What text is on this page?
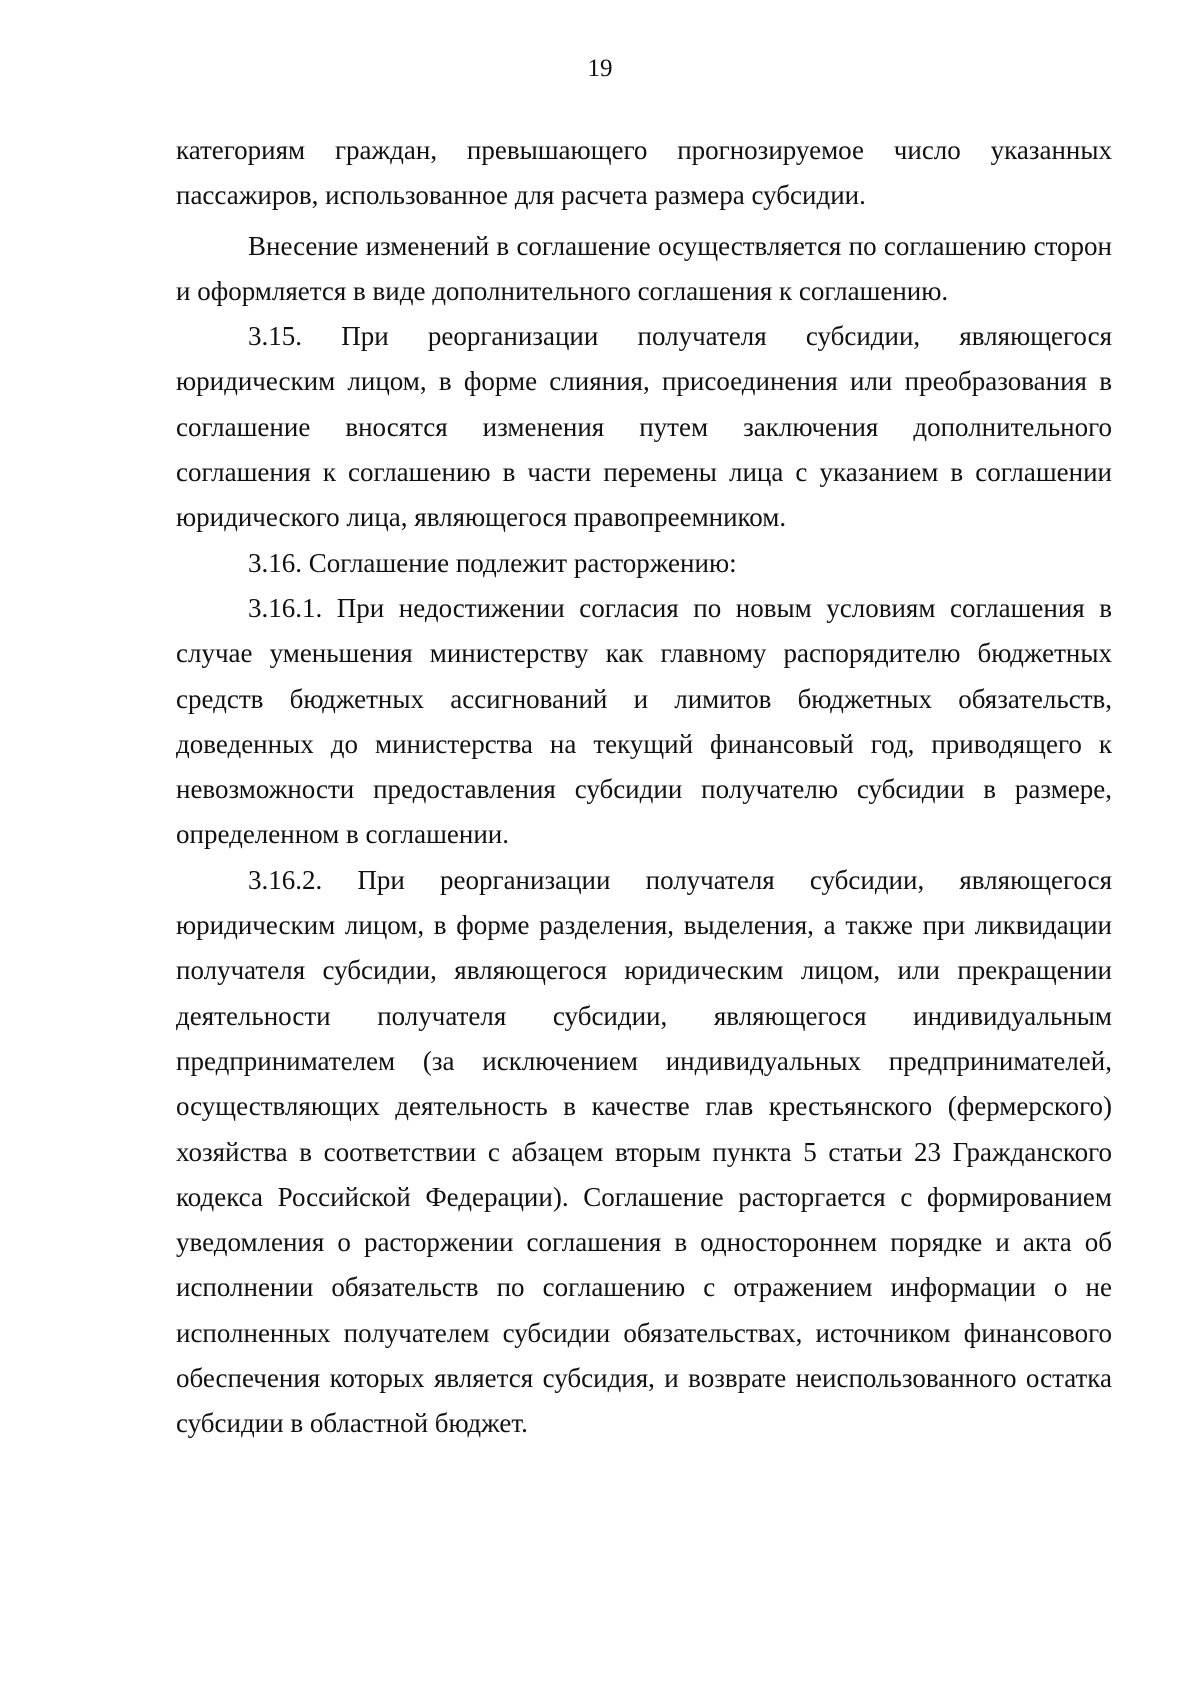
19

категориям граждан, превышающего прогнозируемое число указанных пассажиров, использованное для расчета размера субсидии.

Внесение изменений в соглашение осуществляется по соглашению сторон и оформляется в виде дополнительного соглашения к соглашению.

3.15. При реорганизации получателя субсидии, являющегося юридическим лицом, в форме слияния, присоединения или преобразования в соглашение вносятся изменения путем заключения дополнительного соглашения к соглашению в части перемены лица с указанием в соглашении юридического лица, являющегося правопреемником.

3.16. Соглашение подлежит расторжению:

3.16.1. При недостижении согласия по новым условиям соглашения в случае уменьшения министерству как главному распорядителю бюджетных средств бюджетных ассигнований и лимитов бюджетных обязательств, доведенных до министерства на текущий финансовый год, приводящего к невозможности предоставления субсидии получателю субсидии в размере, определенном в соглашении.

3.16.2. При реорганизации получателя субсидии, являющегося юридическим лицом, в форме разделения, выделения, а также при ликвидации получателя субсидии, являющегося юридическим лицом, или прекращении деятельности получателя субсидии, являющегося индивидуальным предпринимателем (за исключением индивидуальных предпринимателей, осуществляющих деятельность в качестве глав крестьянского (фермерского) хозяйства в соответствии с абзацем вторым пункта 5 статьи 23 Гражданского кодекса Российской Федерации). Соглашение расторгается с формированием уведомления о расторжении соглашения в одностороннем порядке и акта об исполнении обязательств по соглашению с отражением информации о не исполненных получателем субсидии обязательствах, источником финансового обеспечения которых является субсидия, и возврате неиспользованного остатка субсидии в областной бюджет.
